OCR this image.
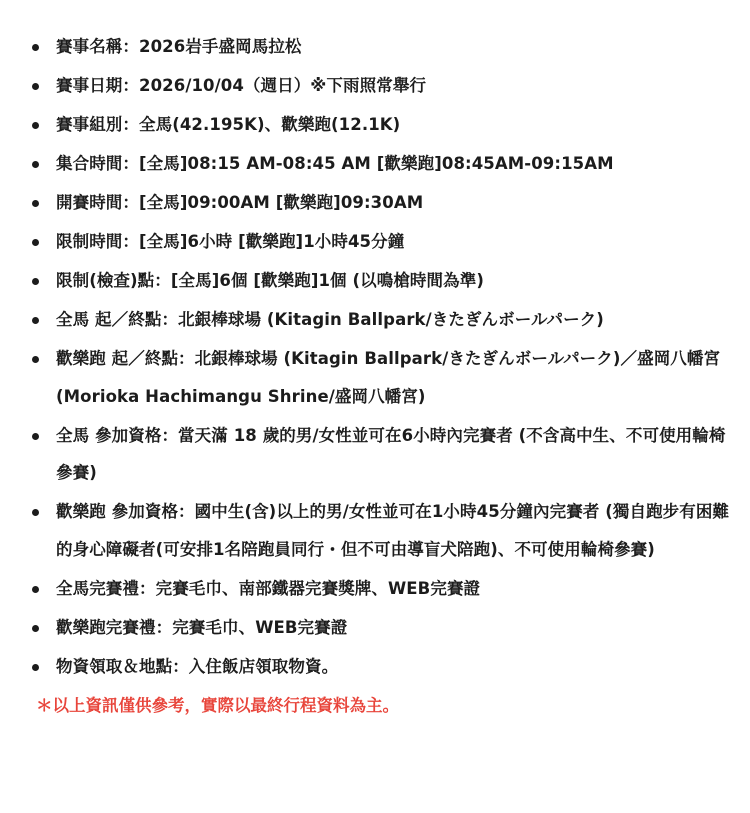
賽事名稱：2026岩手盛岡馬拉松
賽事日期：2026/10/04（週日）※下雨照常舉行
賽事組別：全馬(42.195K)、歡樂跑(12.1K)
集合時間：[全馬]08:15 AM-08:45 AM [歡樂跑]08:45AM-09:15AM
開賽時間：[全馬]09:00AM [歡樂跑]09:30AM
限制時間：[全馬]6小時 [歡樂跑]1小時45分鐘
限制(檢查)點：[全馬]6個 [歡樂跑]1個 (以鳴槍時間為準)
全馬 起／終點：北銀棒球場 (Kitagin Ballpark/きたぎんボールパーク)
歡樂跑 起／終點：北銀棒球場 (Kitagin Ballpark/きたぎんボールパーク)／盛岡八幡宮(Morioka Hachimangu Shrine/盛岡八幡宮)
全馬 參加資格：當天滿 18 歲的男/女性並可在6小時內完賽者 (不含高中生、不可使用輪椅參賽)
歡樂跑 參加資格：國中生(含)以上的男/女性並可在1小時45分鐘內完賽者 (獨自跑步有困難的身心障礙者(可安排1名陪跑員同行・但不可由導盲犬陪跑)、不可使用輪椅參賽)
全馬完賽禮：完賽毛巾、南部鐵器完賽獎牌、WEB完賽證
歡樂跑完賽禮：完賽毛巾、WEB完賽證
物資領取＆地點：入住飯店領取物資。
＊以上資訊僅供參考，實際以最終行程資料為主。
